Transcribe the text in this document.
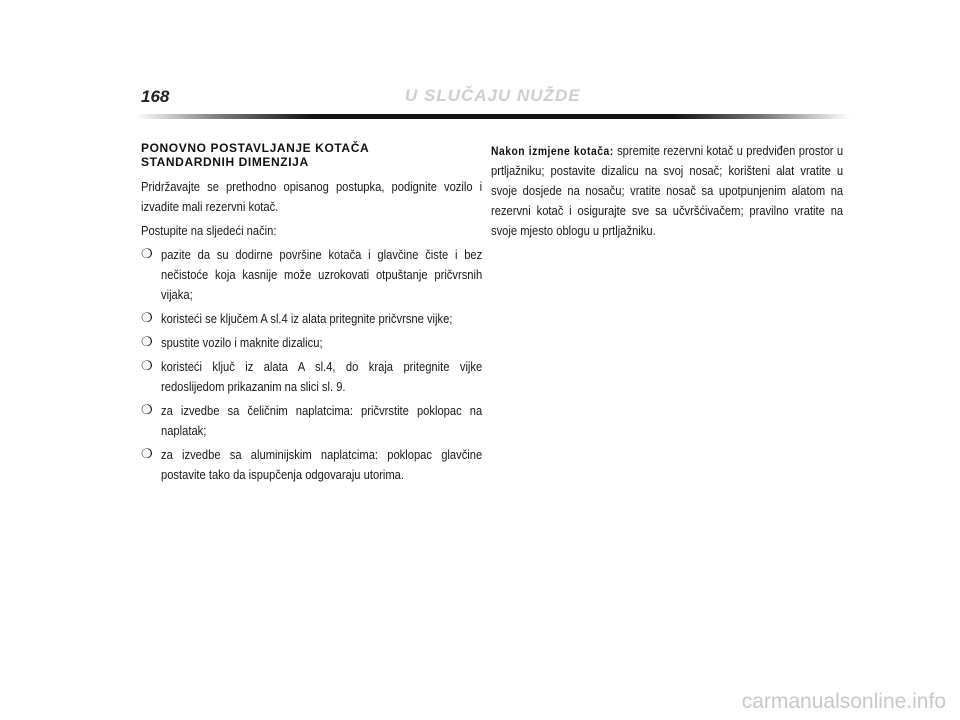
168	U SLUČAJU NUŽDE
PONOVNO POSTAVLJANJE KOTAČA
STANDARDNIH DIMENZIJA

Pridržavajte se prethodno opisanog postupka, podignite vozilo i izvadite mali rezervni kotač.

Postupite na sljedeći način:

❍ pazite da su dodirne površine kotača i glavčine čiste i bez nečistoće koja kasnije može uzrokovati otpuštanje pričvrsnih vijaka;
❍ koristeći se ključem A sl.4 iz alata pritegnite pričvrsne vijke;
❍ spustite vozilo i maknite dizalicu;
❍ koristeći ključ iz alata A sl.4, do kraja pritegnite vijke redoslijedom prikazanim na slici sl. 9.
❍ za izvedbe sa čeličnim naplatcima: pričvrstite poklopac na naplatak;
❍ za izvedbe sa aluminijskim naplatcima: poklopac glavčine postavite tako da ispupčenja odgovaraju utorima.

Nakon izmjene kotača: spremite rezervni kotač u predviđen prostor u prtljažniku; postavite dizalicu na svoj nosač; korišteni alat vratite u svoje dosjede na nosaču; vratite nosač sa upotpunjenim alatom na rezervni kotač i osigurajte sve sa učvršćivačem; pravilno vratite na svoje mjesto oblogu u prtljažniku.

carmanualsonline.info
